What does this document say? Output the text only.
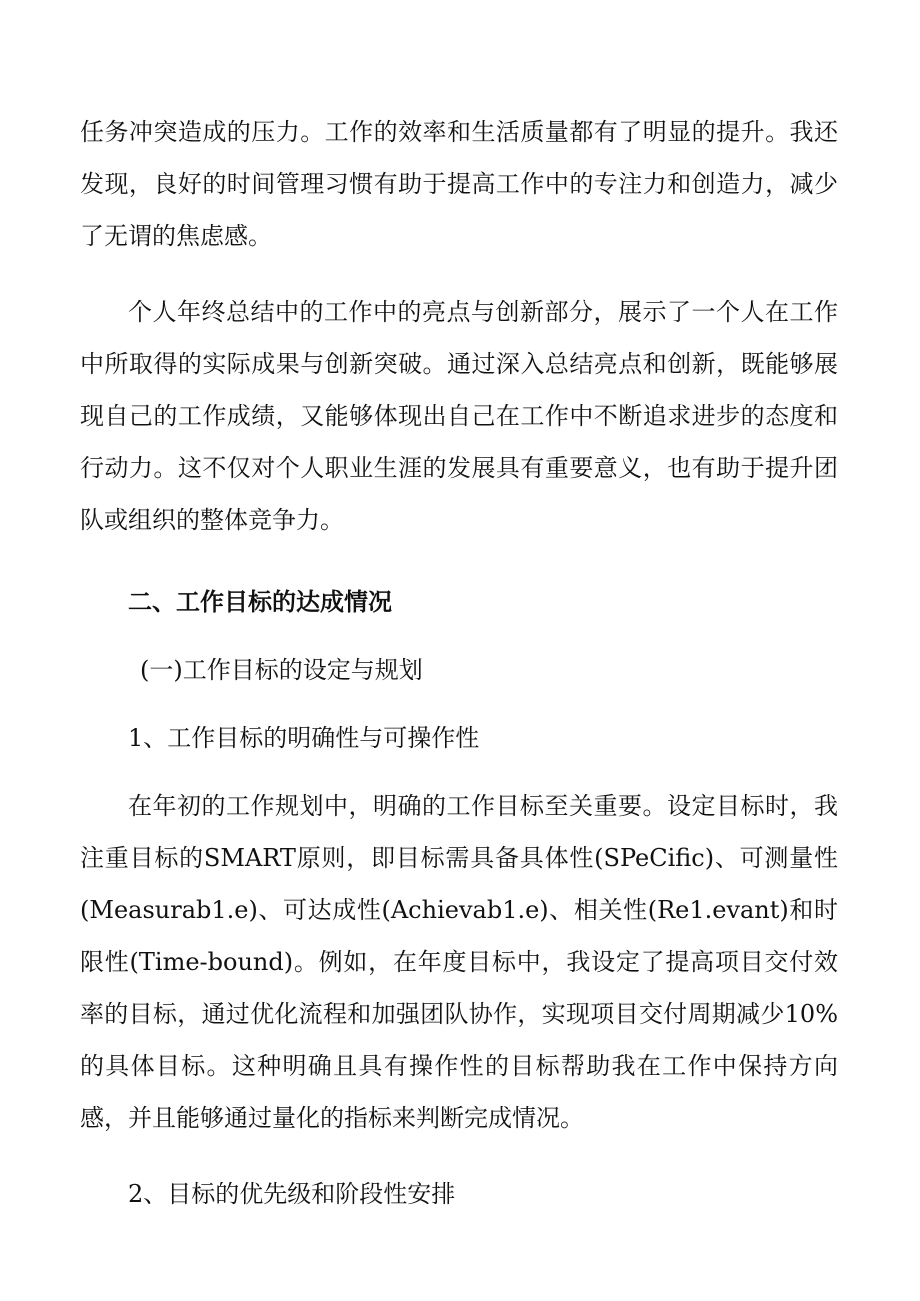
任务冲突造成的压力。工作的效率和生活质量都有了明显的提升。我还发现，良好的时间管理习惯有助于提高工作中的专注力和创造力，减少了无谓的焦虑感。

个人年终总结中的工作中的亮点与创新部分，展示了一个人在工作中所取得的实际成果与创新突破。通过深入总结亮点和创新，既能够展现自己的工作成绩，又能够体现出自己在工作中不断追求进步的态度和行动力。这不仅对个人职业生涯的发展具有重要意义，也有助于提升团队或组织的整体竞争力。

二、工作目标的达成情况

(一)工作目标的设定与规划

1、工作目标的明确性与可操作性

在年初的工作规划中，明确的工作目标至关重要。设定目标时，我注重目标的SMART原则，即目标需具备具体性(SPeCific)、可测量性(Measurab1.e)、可达成性(Achievab1.e)、相关性(Re1.evant)和时限性(Time-bound)。例如，在年度目标中，我设定了提高项目交付效率的目标，通过优化流程和加强团队协作，实现项目交付周期减少10%的具体目标。这种明确且具有操作性的目标帮助我在工作中保持方向感，并且能够通过量化的指标来判断完成情况。

2、目标的优先级和阶段性安排
